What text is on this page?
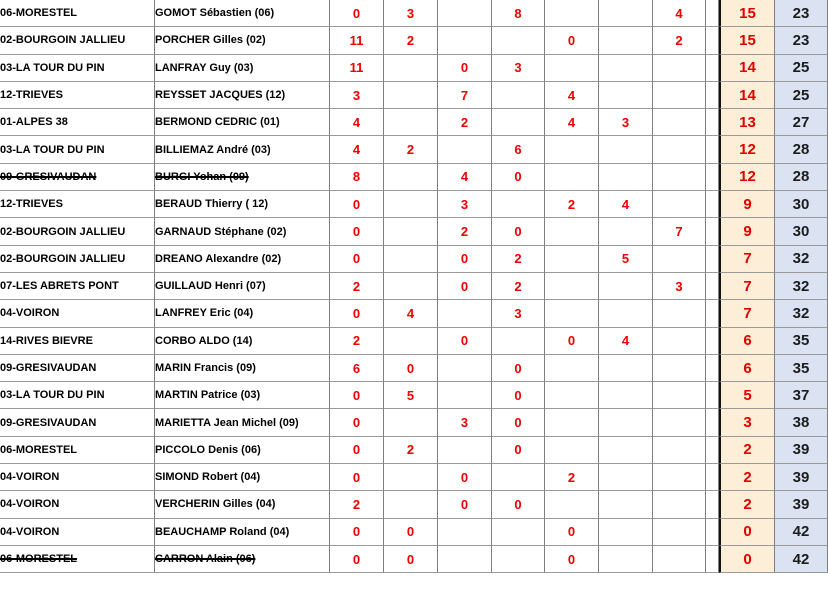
06-MORESTEL	GOMOT Sébastien (06)	0	3		8			4		15	23
02-BOURGOIN JALLIEU	PORCHER Gilles (02)	11	2			0		2		15	23
03-LA TOUR DU PIN	LANFRAY Guy (03)	11		0	3					14	25
12-TRIEVES	REYSSET JACQUES (12)	3		7		4				14	25
01-ALPES 38	BERMOND CEDRIC (01)	4		2		4	3			13	27
03-LA TOUR DU PIN	BILLIEMAZ André (03)	4	2		6					12	28
09-GRESIVAUDAN	BURGI Yohan (09)	8		4	0					12	28
12-TRIEVES	BERAUD Thierry ( 12)	0		3		2	4			9	30
02-BOURGOIN JALLIEU	GARNAUD Stéphane (02)	0		2	0			7		9	30
02-BOURGOIN JALLIEU	DREANO Alexandre (02)	0		0	2		5			7	32
07-LES ABRETS PONT	GUILLAUD Henri (07)	2		0	2			3		7	32
04-VOIRON	LANFREY Eric (04)	0	4		3					7	32
14-RIVES BIEVRE	CORBO ALDO (14)	2		0		0	4			6	35
09-GRESIVAUDAN	MARIN Francis (09)	6	0		0					6	35
03-LA TOUR DU PIN	MARTIN Patrice (03)	0	5		0					5	37
09-GRESIVAUDAN	MARIETTA Jean Michel (09)	0		3	0					3	38
06-MORESTEL	PICCOLO Denis (06)	0	2		0					2	39
04-VOIRON	SIMOND Robert (04)	0		0		2				2	39
04-VOIRON	VERCHERIN Gilles (04)	2		0	0					2	39
04-VOIRON	BEAUCHAMP Roland (04)	0	0			0				0	42
06-MORESTEL	CARRON Alain (06)	0	0			0				0	42
